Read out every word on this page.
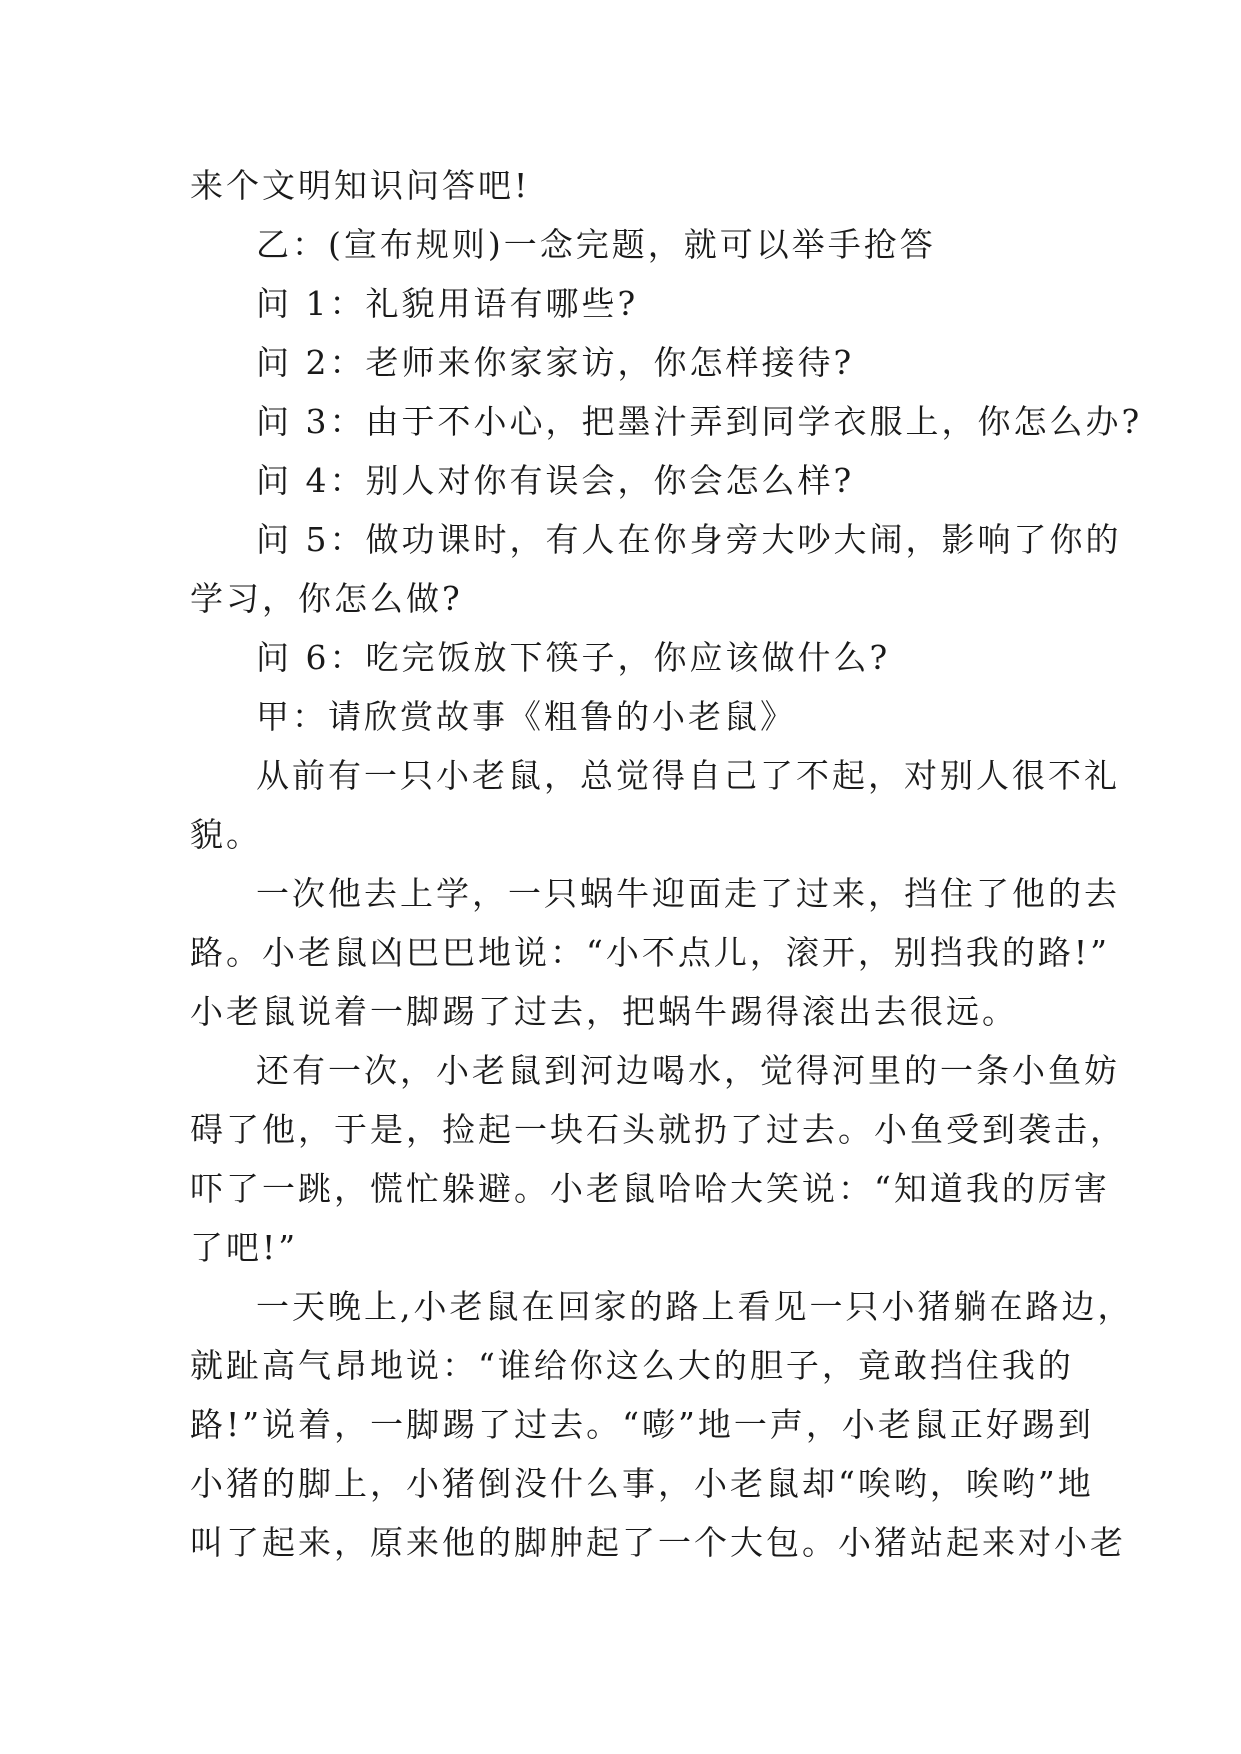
来个文明知识问答吧!
乙：(宣布规则)一念完题，就可以举手抢答
问 1：礼貌用语有哪些?
问 2：老师来你家家访，你怎样接待?
问 3：由于不小心，把墨汁弄到同学衣服上，你怎么办?
问 4：别人对你有误会，你会怎么样?
问 5：做功课时，有人在你身旁大吵大闹，影响了你的
学习，你怎么做?
问 6：吃完饭放下筷子，你应该做什么?
甲：请欣赏故事《粗鲁的小老鼠》
从前有一只小老鼠，总觉得自己了不起，对别人很不礼
貌。
一次他去上学，一只蜗牛迎面走了过来，挡住了他的去
路。小老鼠凶巴巴地说：“小不点儿，滚开，别挡我的路!”
小老鼠说着一脚踢了过去，把蜗牛踢得滚出去很远。
还有一次，小老鼠到河边喝水，觉得河里的一条小鱼妨
碍了他，于是，捡起一块石头就扔了过去。小鱼受到袭击，
吓了一跳，慌忙躲避。小老鼠哈哈大笑说：“知道我的厉害
了吧!”
一天晚上,小老鼠在回家的路上看见一只小猪躺在路边，
就趾高气昂地说：“谁给你这么大的胆子，竟敢挡住我的
路!”说着，一脚踢了过去。“嘭”地一声，小老鼠正好踢到
小猪的脚上，小猪倒没什么事，小老鼠却“唉哟，唉哟”地
叫了起来，原来他的脚肿起了一个大包。小猪站起来对小老
